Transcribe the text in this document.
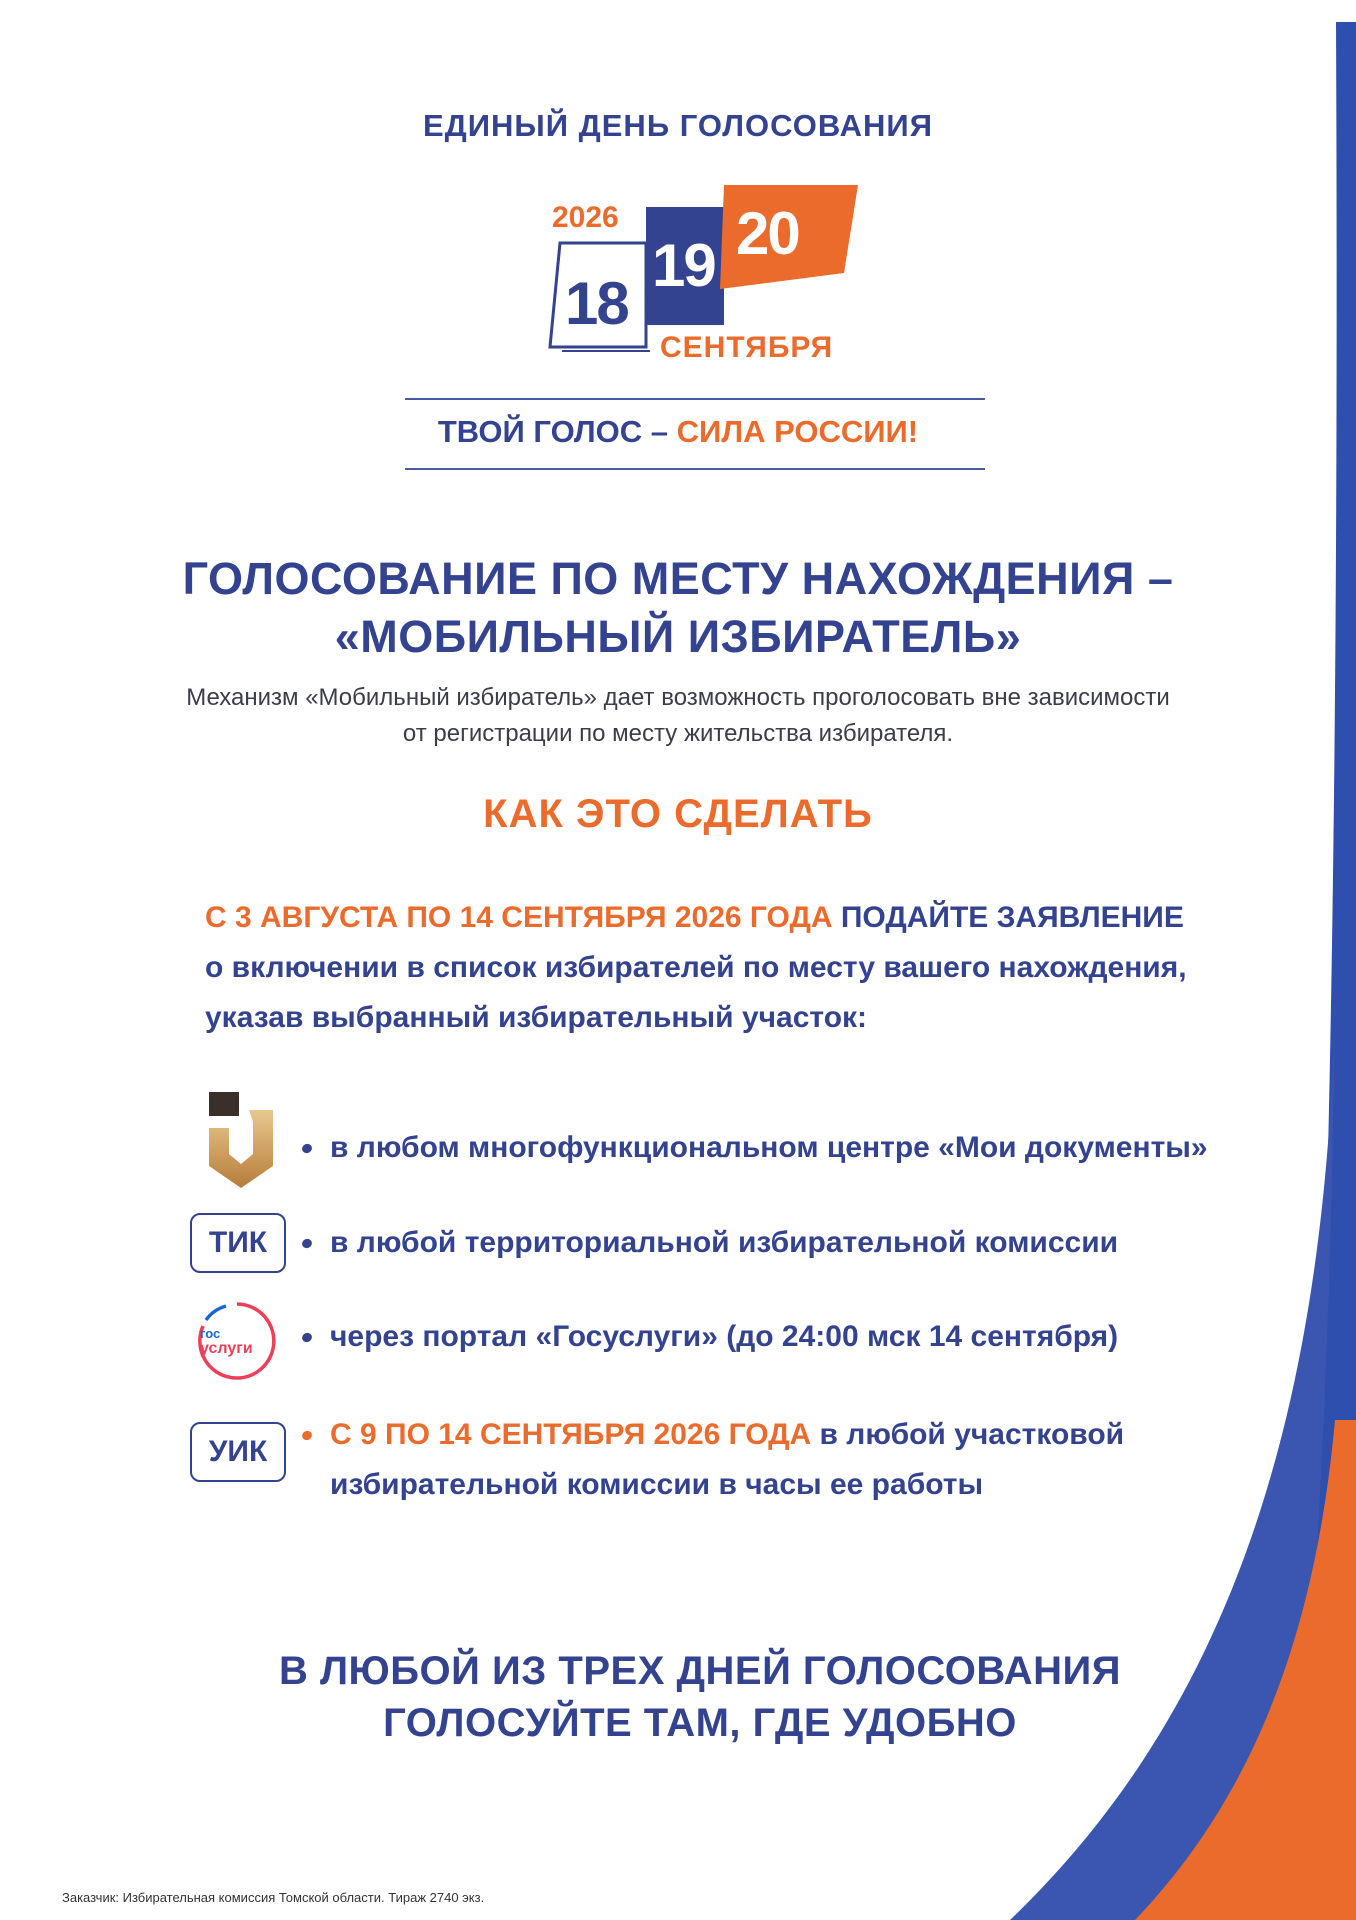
ЕДИНЫЙ ДЕНЬ ГОЛОСОВАНИЯ
2026
18
19 20
СЕНТЯБРЯ
ТВОЙ ГОЛОС – СИЛА РОССИИ!
ГОЛОСОВАНИЕ ПО МЕСТУ НАХОЖДЕНИЯ –
«МОБИЛЬНЫЙ ИЗБИРАТЕЛЬ»
Механизм «Мобильный избиратель» дает возможность проголосовать вне зависимости
от регистрации по месту жительства избирателя.
КАК ЭТО СДЕЛАТЬ
С 3 АВГУСТА ПО 14 СЕНТЯБРЯ 2026 ГОДА ПОДАЙТЕ ЗАЯВЛЕНИЕ
о включении в список избирателей по месту вашего нахождения,
указав выбранный избирательный участок:
в любом многофункциональном центре «Мои документы»
ТИК	в любой территориальной избирательной комиссии
гос
услуги	через портал «Госуслуги» (до 24:00 мск 14 сентября)
УИК
С 9 ПО 14 СЕНТЯБРЯ 2026 ГОДА в любой участковой
избирательной комиссии в часы ее работы
В ЛЮБОЙ ИЗ ТРЕХ ДНЕЙ ГОЛОСОВАНИЯ
ГОЛОСУЙТЕ ТАМ, ГДЕ УДОБНО
Заказчик: Избирательная комиссия Томской области. Тираж 2740 экз.
